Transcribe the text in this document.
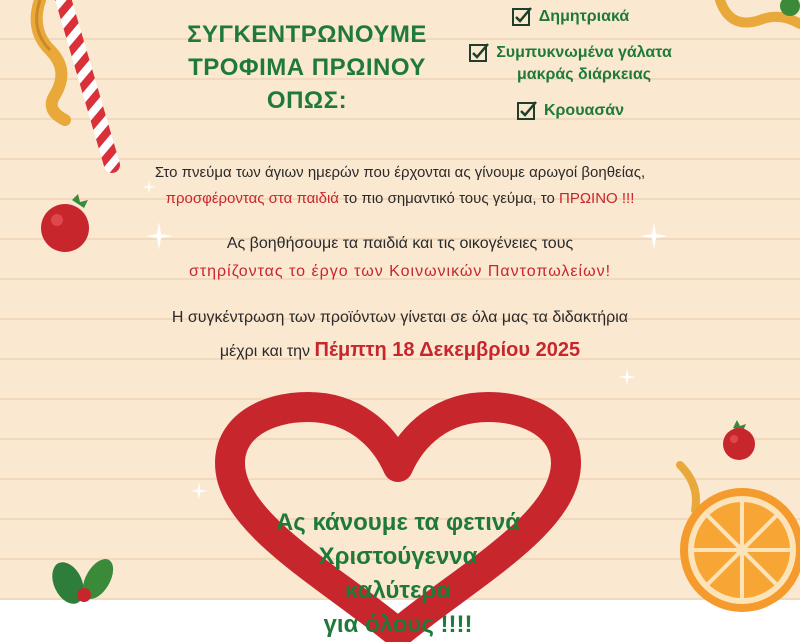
ΣΥΓΚΕΝΤΡΩΝΟΥΜΕ
ΤΡΟΦΙΜΑ ΠΡΩΙΝΟΥ
ΟΠΩΣ:
Δημητριακά
Συμπυκνωμένα γάλατα
μακράς διάρκειας
Κρουασάν
Στο πνεύμα των άγιων ημερών που έρχονται ας γίνουμε αρωγοί βοηθείας,
προσφέροντας στα παιδιά το πιο σημαντικό τους γεύμα, το ΠΡΩΙΝΟ !!!
Ας βοηθήσουμε τα παιδιά και τις οικογένειες τους
στηρίζοντας το έργο των Κοινωνικών Παντοπωλείων!
Η συγκέντρωση των προϊόντων γίνεται σε όλα μας τα διδακτήρια
μέχρι και την Πέμπτη 18 Δεκεμβρίου 2025
Ας κάνουμε τα φετινά
Χριστούγεννα καλύτερα
για όλους !!!!
